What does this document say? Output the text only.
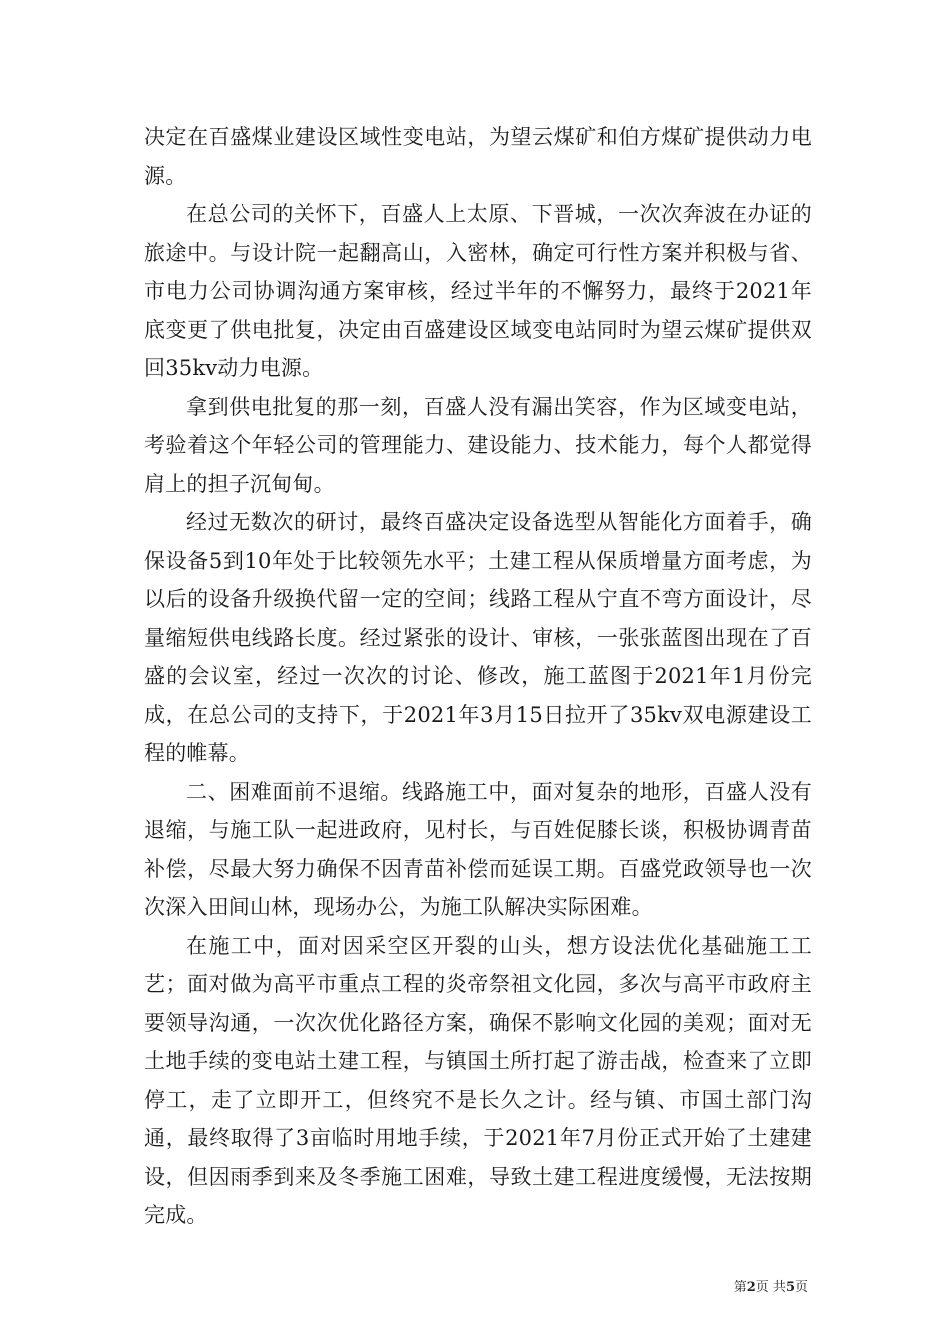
决定在百盛煤业建设区域性变电站，为望云煤矿和伯方煤矿提供动力电源。

在总公司的关怀下，百盛人上太原、下晋城，一次次奔波在办证的旅途中。与设计院一起翻高山，入密林，确定可行性方案并积极与省、市电力公司协调沟通方案审核，经过半年的不懈努力，最终于2021年底变更了供电批复，决定由百盛建设区域变电站同时为望云煤矿提供双回35kv动力电源。

拿到供电批复的那一刻，百盛人没有漏出笑容，作为区域变电站，考验着这个年轻公司的管理能力、建设能力、技术能力，每个人都觉得肩上的担子沉甸甸。

经过无数次的研讨，最终百盛决定设备选型从智能化方面着手，确保设备5到10年处于比较领先水平；土建工程从保质增量方面考虑，为以后的设备升级换代留一定的空间；线路工程从宁直不弯方面设计，尽量缩短供电线路长度。经过紧张的设计、审核，一张张蓝图出现在了百盛的会议室，经过一次次的讨论、修改，施工蓝图于2021年1月份完成，在总公司的支持下，于2021年3月15日拉开了35kv双电源建设工程的帷幕。

二、困难面前不退缩。线路施工中，面对复杂的地形，百盛人没有退缩，与施工队一起进政府，见村长，与百姓促膝长谈，积极协调青苗补偿，尽最大努力确保不因青苗补偿而延误工期。百盛党政领导也一次次深入田间山林，现场办公，为施工队解决实际困难。

在施工中，面对因采空区开裂的山头，想方设法优化基础施工工艺；面对做为高平市重点工程的炎帝祭祖文化园，多次与高平市政府主要领导沟通，一次次优化路径方案，确保不影响文化园的美观；面对无土地手续的变电站土建工程，与镇国土所打起了游击战，检查来了立即停工，走了立即开工，但终究不是长久之计。经与镇、市国土部门沟通，最终取得了3亩临时用地手续，于2021年7月份正式开始了土建建设，但因雨季到来及冬季施工困难，导致土建工程进度缓慢，无法按期完成。

第2页 共5页
